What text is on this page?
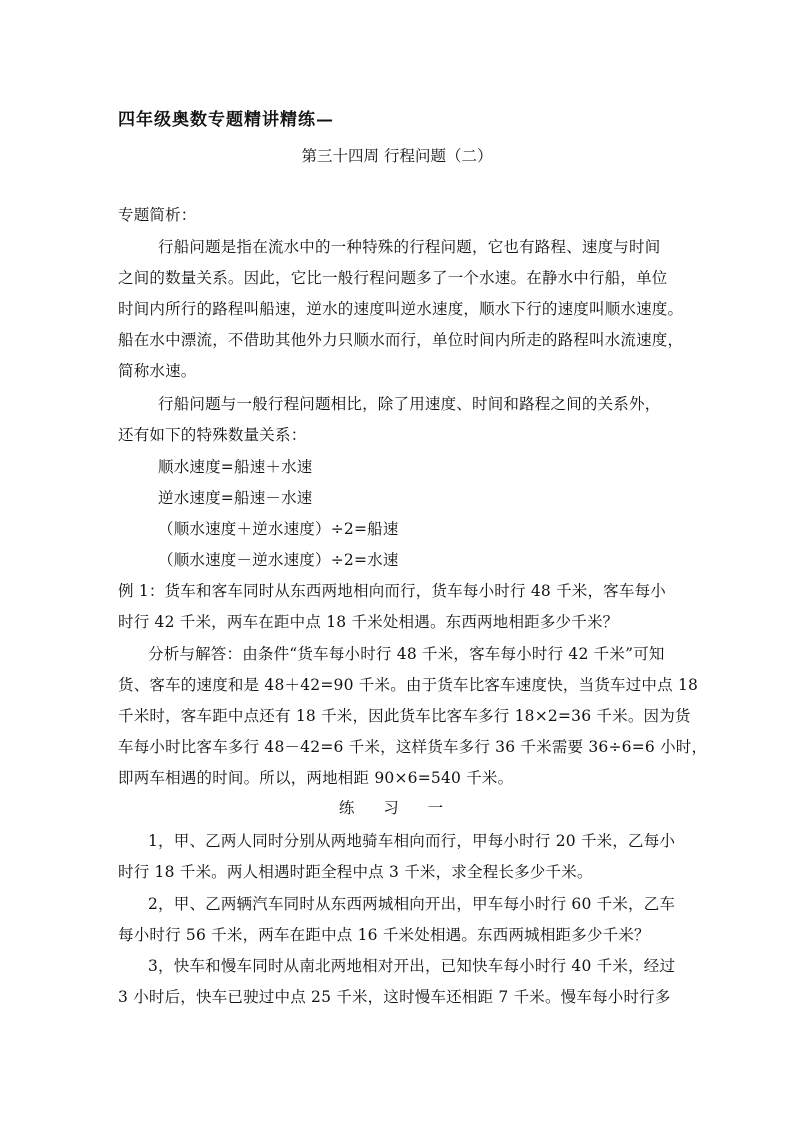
四年级奥数专题精讲精练—
第三十四周 行程问题（二）
专题简析：
行船问题是指在流水中的一种特殊的行程问题，它也有路程、速度与时间
之间的数量关系。因此，它比一般行程问题多了一个水速。在静水中行船，单位
时间内所行的路程叫船速，逆水的速度叫逆水速度，顺水下行的速度叫顺水速度。
船在水中漂流，不借助其他外力只顺水而行，单位时间内所走的路程叫水流速度，
简称水速。
行船问题与一般行程问题相比，除了用速度、时间和路程之间的关系外，
还有如下的特殊数量关系：
顺水速度=船速＋水速
逆水速度=船速－水速
（顺水速度＋逆水速度）÷2=船速
（顺水速度－逆水速度）÷2=水速
例 1：货车和客车同时从东西两地相向而行，货车每小时行 48 千米，客车每小
时行 42 千米，两车在距中点 18 千米处相遇。东西两地相距多少千米？
分析与解答：由条件“货车每小时行 48 千米，客车每小时行 42 千米”可知
货、客车的速度和是 48＋42=90 千米。由于货车比客车速度快，当货车过中点 18
千米时，客车距中点还有 18 千米，因此货车比客车多行 18×2=36 千米。因为货
车每小时比客车多行 48－42=6 千米，这样货车多行 36 千米需要 36÷6=6 小时，
即两车相遇的时间。所以，两地相距 90×6=540 千米。
练 习 一
1，甲、乙两人同时分别从两地骑车相向而行，甲每小时行 20 千米，乙每小
时行 18 千米。两人相遇时距全程中点 3 千米，求全程长多少千米。
2，甲、乙两辆汽车同时从东西两城相向开出，甲车每小时行 60 千米，乙车
每小时行 56 千米，两车在距中点 16 千米处相遇。东西两城相距多少千米？
3，快车和慢车同时从南北两地相对开出，已知快车每小时行 40 千米，经过
3 小时后，快车已驶过中点 25 千米，这时慢车还相距 7 千米。慢车每小时行多
